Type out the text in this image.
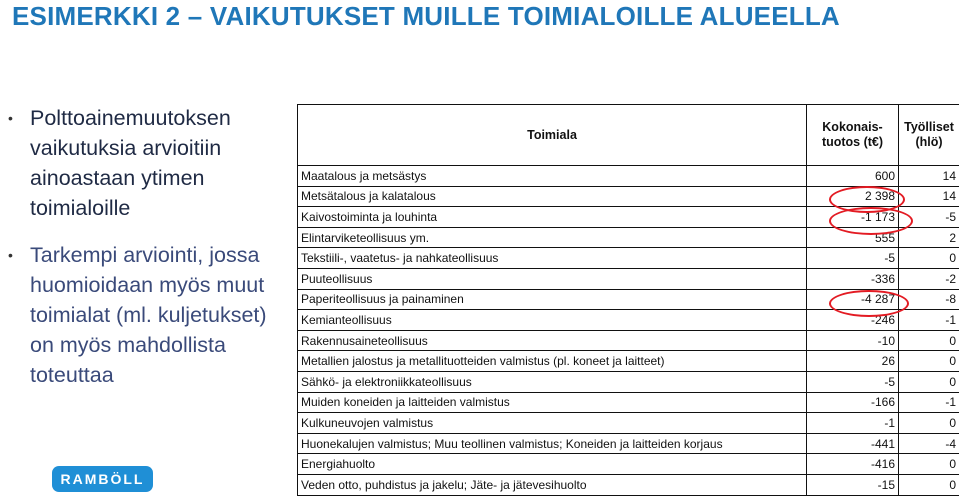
ESIMERKKI 2 – VAIKUTUKSET MUILLE TOIMIALOILLE ALUEELLA
• Polttoainemuutoksen vaikutuksia arvioitiin ainoastaan ytimen toimialoille
• Tarkempi arviointi, jossa huomioidaan myös muut toimialat (ml. kuljetukset) on myös mahdollista toteuttaa
Toimiala	Kokonais-tuotos (t€)	Työlliset (hlö)
Maatalous ja metsästys	600	14
Metsätalous ja kalatalous	2 398	14
Kaivostoiminta ja louhinta	-1 173	-5
Elintarviketeollisuus ym.	555	2
Tekstiili-, vaatetus- ja nahkateollisuus	-5	0
Puuteollisuus	-336	-2
Paperiteollisuus ja painaminen	-4 287	-8
Kemianteollisuus	-246	-1
Rakennusaineteollisuus	-10	0
Metallien jalostus ja metallituotteiden valmistus (pl. koneet ja laitteet)	26	0
Sähkö- ja elektroniikkateollisuus	-5	0
Muiden koneiden ja laitteiden valmistus	-166	-1
Kulkuneuvojen valmistus	-1	0
Huonekalujen valmistus; Muu teollinen valmistus; Koneiden ja laitteiden korjaus	-441	-4
Energiahuolto	-416	0
Veden otto, puhdistus ja jakelu; Jäte- ja jätevesihuolto	-15	0
RAMBÖLL
